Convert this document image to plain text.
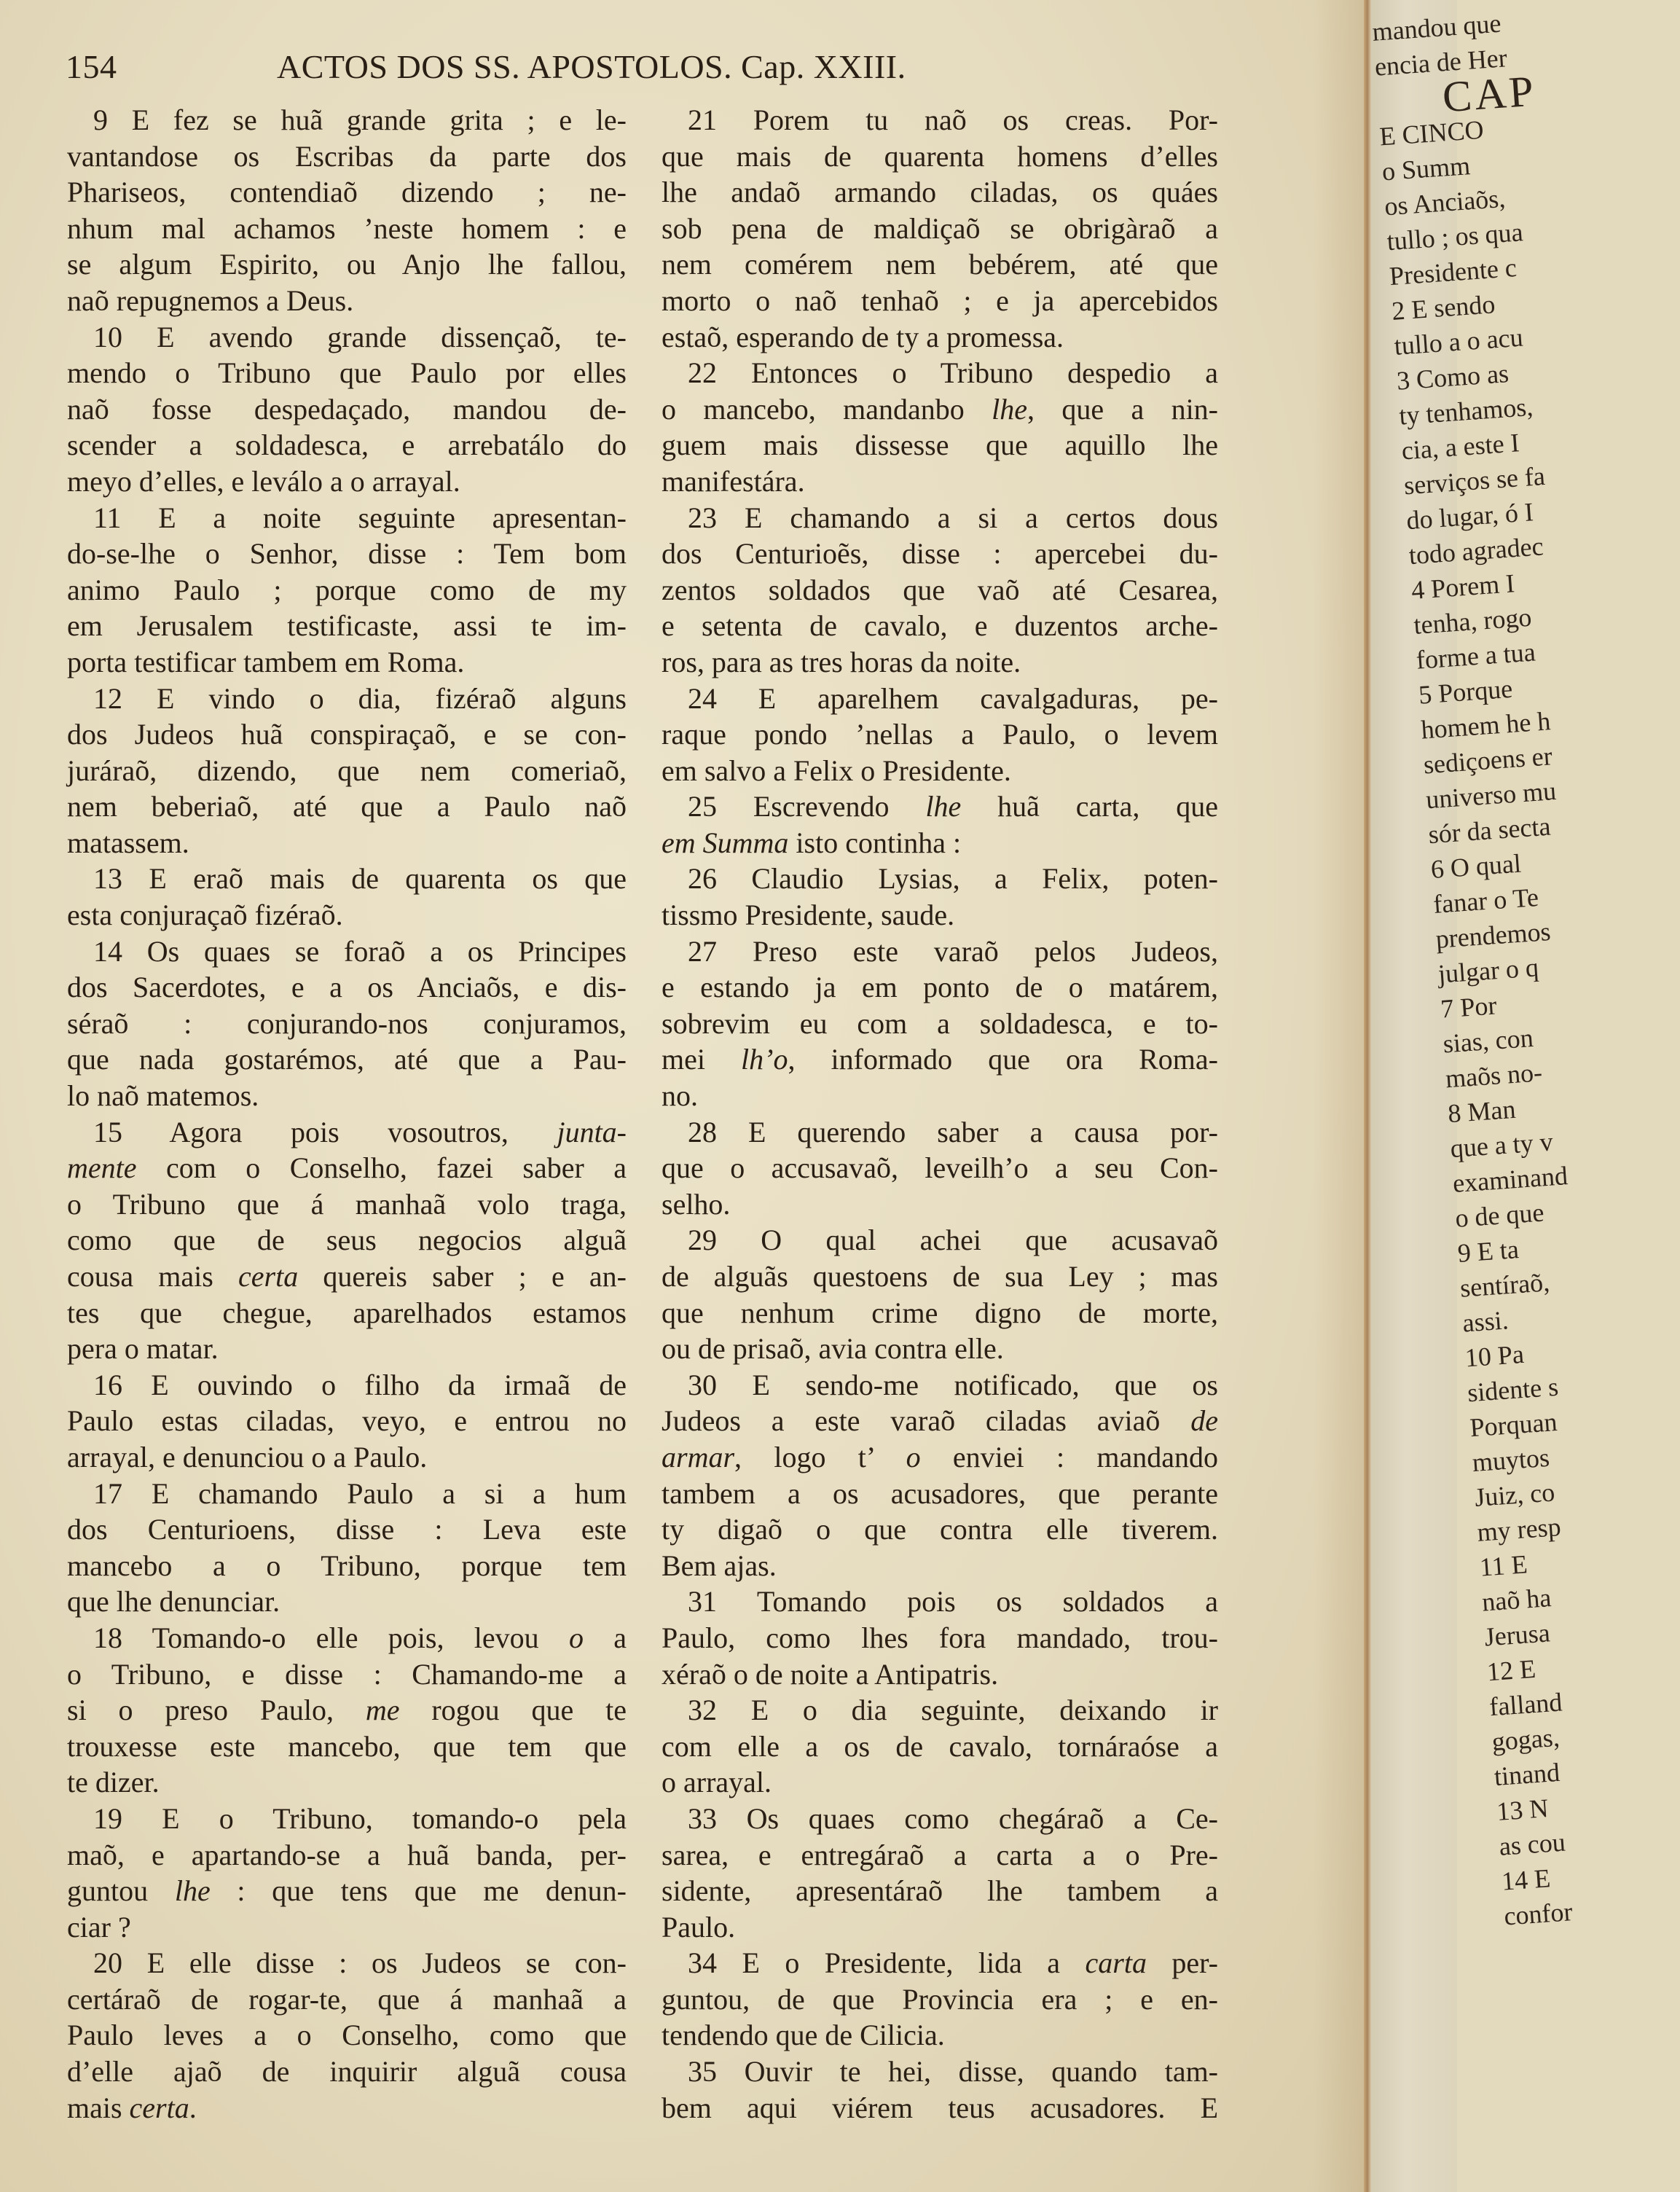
154	ACTOS DOS SS. APOSTOLOS. Cap. XXIII.
9 E fez se huã grande grita ; e le-
vantandose os Escribas da parte dos
Phariseos, contendiaõ dizendo ; ne-
nhum mal achamos ’neste homem : e
se algum Espirito, ou Anjo lhe fallou,
naõ repugnemos a Deus.
10 E avendo grande dissençaõ, te-
mendo o Tribuno que Paulo por elles
naõ fosse despedaçado, mandou de-
scender a soldadesca, e arrebatálo do
meyo d’elles, e leválo a o arrayal.
11 E a noite seguinte apresentan-
do-se-lhe o Senhor, disse : Tem bom
animo Paulo ; porque como de my
em Jerusalem testificaste, assi te im-
porta testificar tambem em Roma.
12 E vindo o dia, fizéraõ alguns
dos Judeos huã conspiraçaõ, e se con-
juráraõ, dizendo, que nem comeriaõ,
nem beberiaõ, até que a Paulo naõ
matassem.
13 E eraõ mais de quarenta os que
esta conjuraçaõ fizéraõ.
14 Os quaes se foraõ a os Principes
dos Sacerdotes, e a os Anciaõs, e dis-
séraõ : conjurando-nos conjuramos,
que nada gostarémos, até que a Pau-
lo naõ matemos.
15 Agora pois vosoutros, junta-
mente com o Conselho, fazei saber a
o Tribuno que á manhaã volo traga,
como que de seus negocios alguã
cousa mais certa quereis saber ; e an-
tes que chegue, aparelhados estamos
pera o matar.
16 E ouvindo o filho da irmaã de
Paulo estas ciladas, veyo, e entrou no
arrayal, e denunciou o a Paulo.
17 E chamando Paulo a si a hum
dos Centurioens, disse : Leva este
mancebo a o Tribuno, porque tem
que lhe denunciar.
18 Tomando-o elle pois, levou o a
o Tribuno, e disse : Chamando-me a
si o preso Paulo, me rogou que te
trouxesse este mancebo, que tem que
te dizer.
19 E o Tribuno, tomando-o pela
maõ, e apartando-se a huã banda, per-
guntou lhe : que tens que me denun-
ciar ?
20 E elle disse : os Judeos se con-
certáraõ de rogar-te, que á manhaã a
Paulo leves a o Conselho, como que
d’elle ajaõ de inquirir alguã cousa
mais certa.
21 Porem tu naõ os creas. Por-
que mais de quarenta homens d’elles
lhe andaõ armando ciladas, os quáes
sob pena de maldiçaõ se obrigàraõ a
nem comérem nem bebérem, até que
morto o naõ tenhaõ ; e ja apercebidos
estaõ, esperando de ty a promessa.
22 Entonces o Tribuno despedio a
o mancebo, mandanbo lhe, que a nin-
guem mais dissesse que aquillo lhe
manifestára.
23 E chamando a si a certos dous
dos Centurioẽs, disse : apercebei du-
zentos soldados que vaõ até Cesarea,
e setenta de cavalo, e duzentos arche-
ros, para as tres horas da noite.
24 E aparelhem cavalgaduras, pe-
raque pondo ’nellas a Paulo, o levem
em salvo a Felix o Presidente.
25 Escrevendo lhe huã carta, que
em Summa isto continha :
26 Claudio Lysias, a Felix, poten-
tissmo Presidente, saude.
27 Preso este varaõ pelos Judeos,
e estando ja em ponto de o matárem,
sobrevim eu com a soldadesca, e to-
mei lh’o, informado que ora Roma-
no.
28 E querendo saber a causa por-
que o accusavaõ, leveilh’o a seu Con-
selho.
29 O qual achei que acusavaõ
de alguãs questoens de sua Ley ; mas
que nenhum crime digno de morte,
ou de prisaõ, avia contra elle.
30 E sendo-me notificado, que os
Judeos a este varaõ ciladas aviaõ de
armar, logo t’ o enviei : mandando
tambem a os acusadores, que perante
ty digaõ o que contra elle tiverem.
Bem ajas.
31 Tomando pois os soldados a
Paulo, como lhes fora mandado, trou-
xéraõ o de noite a Antipatris.
32 E o dia seguinte, deixando ir
com elle a os de cavalo, tornáraóse a
o arrayal.
33 Os quaes como chegáraõ a Ce-
sarea, e entregáraõ a carta a o Pre-
sidente, apresentáraõ lhe tambem a
Paulo.
34 E o Presidente, lida a carta per-
guntou, de que Provincia era ; e en-
tendendo que de Cilicia.
35 Ouvir te hei, disse, quando tam-
bem aqui viérem teus acusadores. E
mandou que
encia de Her
CAP
E CINCO
o Summ
os Anciaõs,
tullo ; os qua
Presidente c
2 E sendo
tullo a o acu
3 Como as
ty tenhamos,
cia, a este I
serviços se fa
do lugar, ó I
todo agradec
4 Porem I
tenha, rogo
forme a tua
5 Porque
homem he h
sediçoens er
universo mu
sór da secta
6 O qual
fanar o Te
prendemos
julgar o q
7 Por
sias, con
maõs no-
8 Man
que a ty v
examinand
o de que
9 E ta
sentíraõ,
assi.
10 Pa
sidente s
Porquan
muytos
Juiz, co
my resp
11 E
naõ ha
Jerusa
12 E
falland
gogas,
tinand
13 N
as cou
14 E
confor
